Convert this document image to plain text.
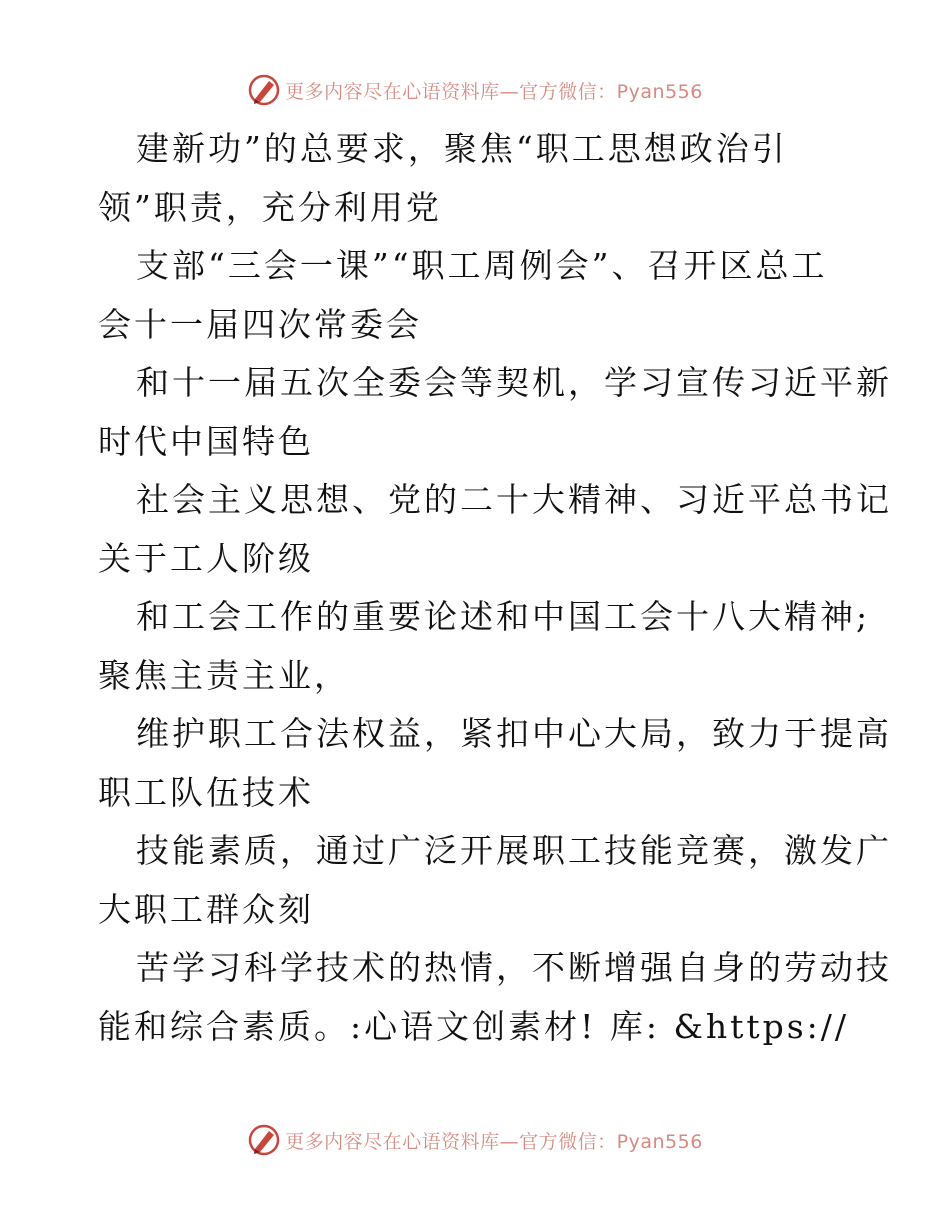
更多内容尽在心语资料库—官方微信：Pyan556
建新功”的总要求，聚焦“职工思想政治引
领”职责，充分利用党
支部“三会一课”“职工周例会”、召开区总工
会十一届四次常委会
和十一届五次全委会等契机，学习宣传习近平新
时代中国特色
社会主义思想、党的二十大精神、习近平总书记
关于工人阶级
和工会工作的重要论述和中国工会十八大精神;
聚焦主责主业，
维护职工合法权益，紧扣中心大局，致力于提高
职工队伍技术
技能素质，通过广泛开展职工技能竞赛，激发广
大职工群众刻
苦学习科学技术的热情，不断增强自身的劳动技
能和综合素质。:心语文创素材! 库: &https://
更多内容尽在心语资料库—官方微信：Pyan556
